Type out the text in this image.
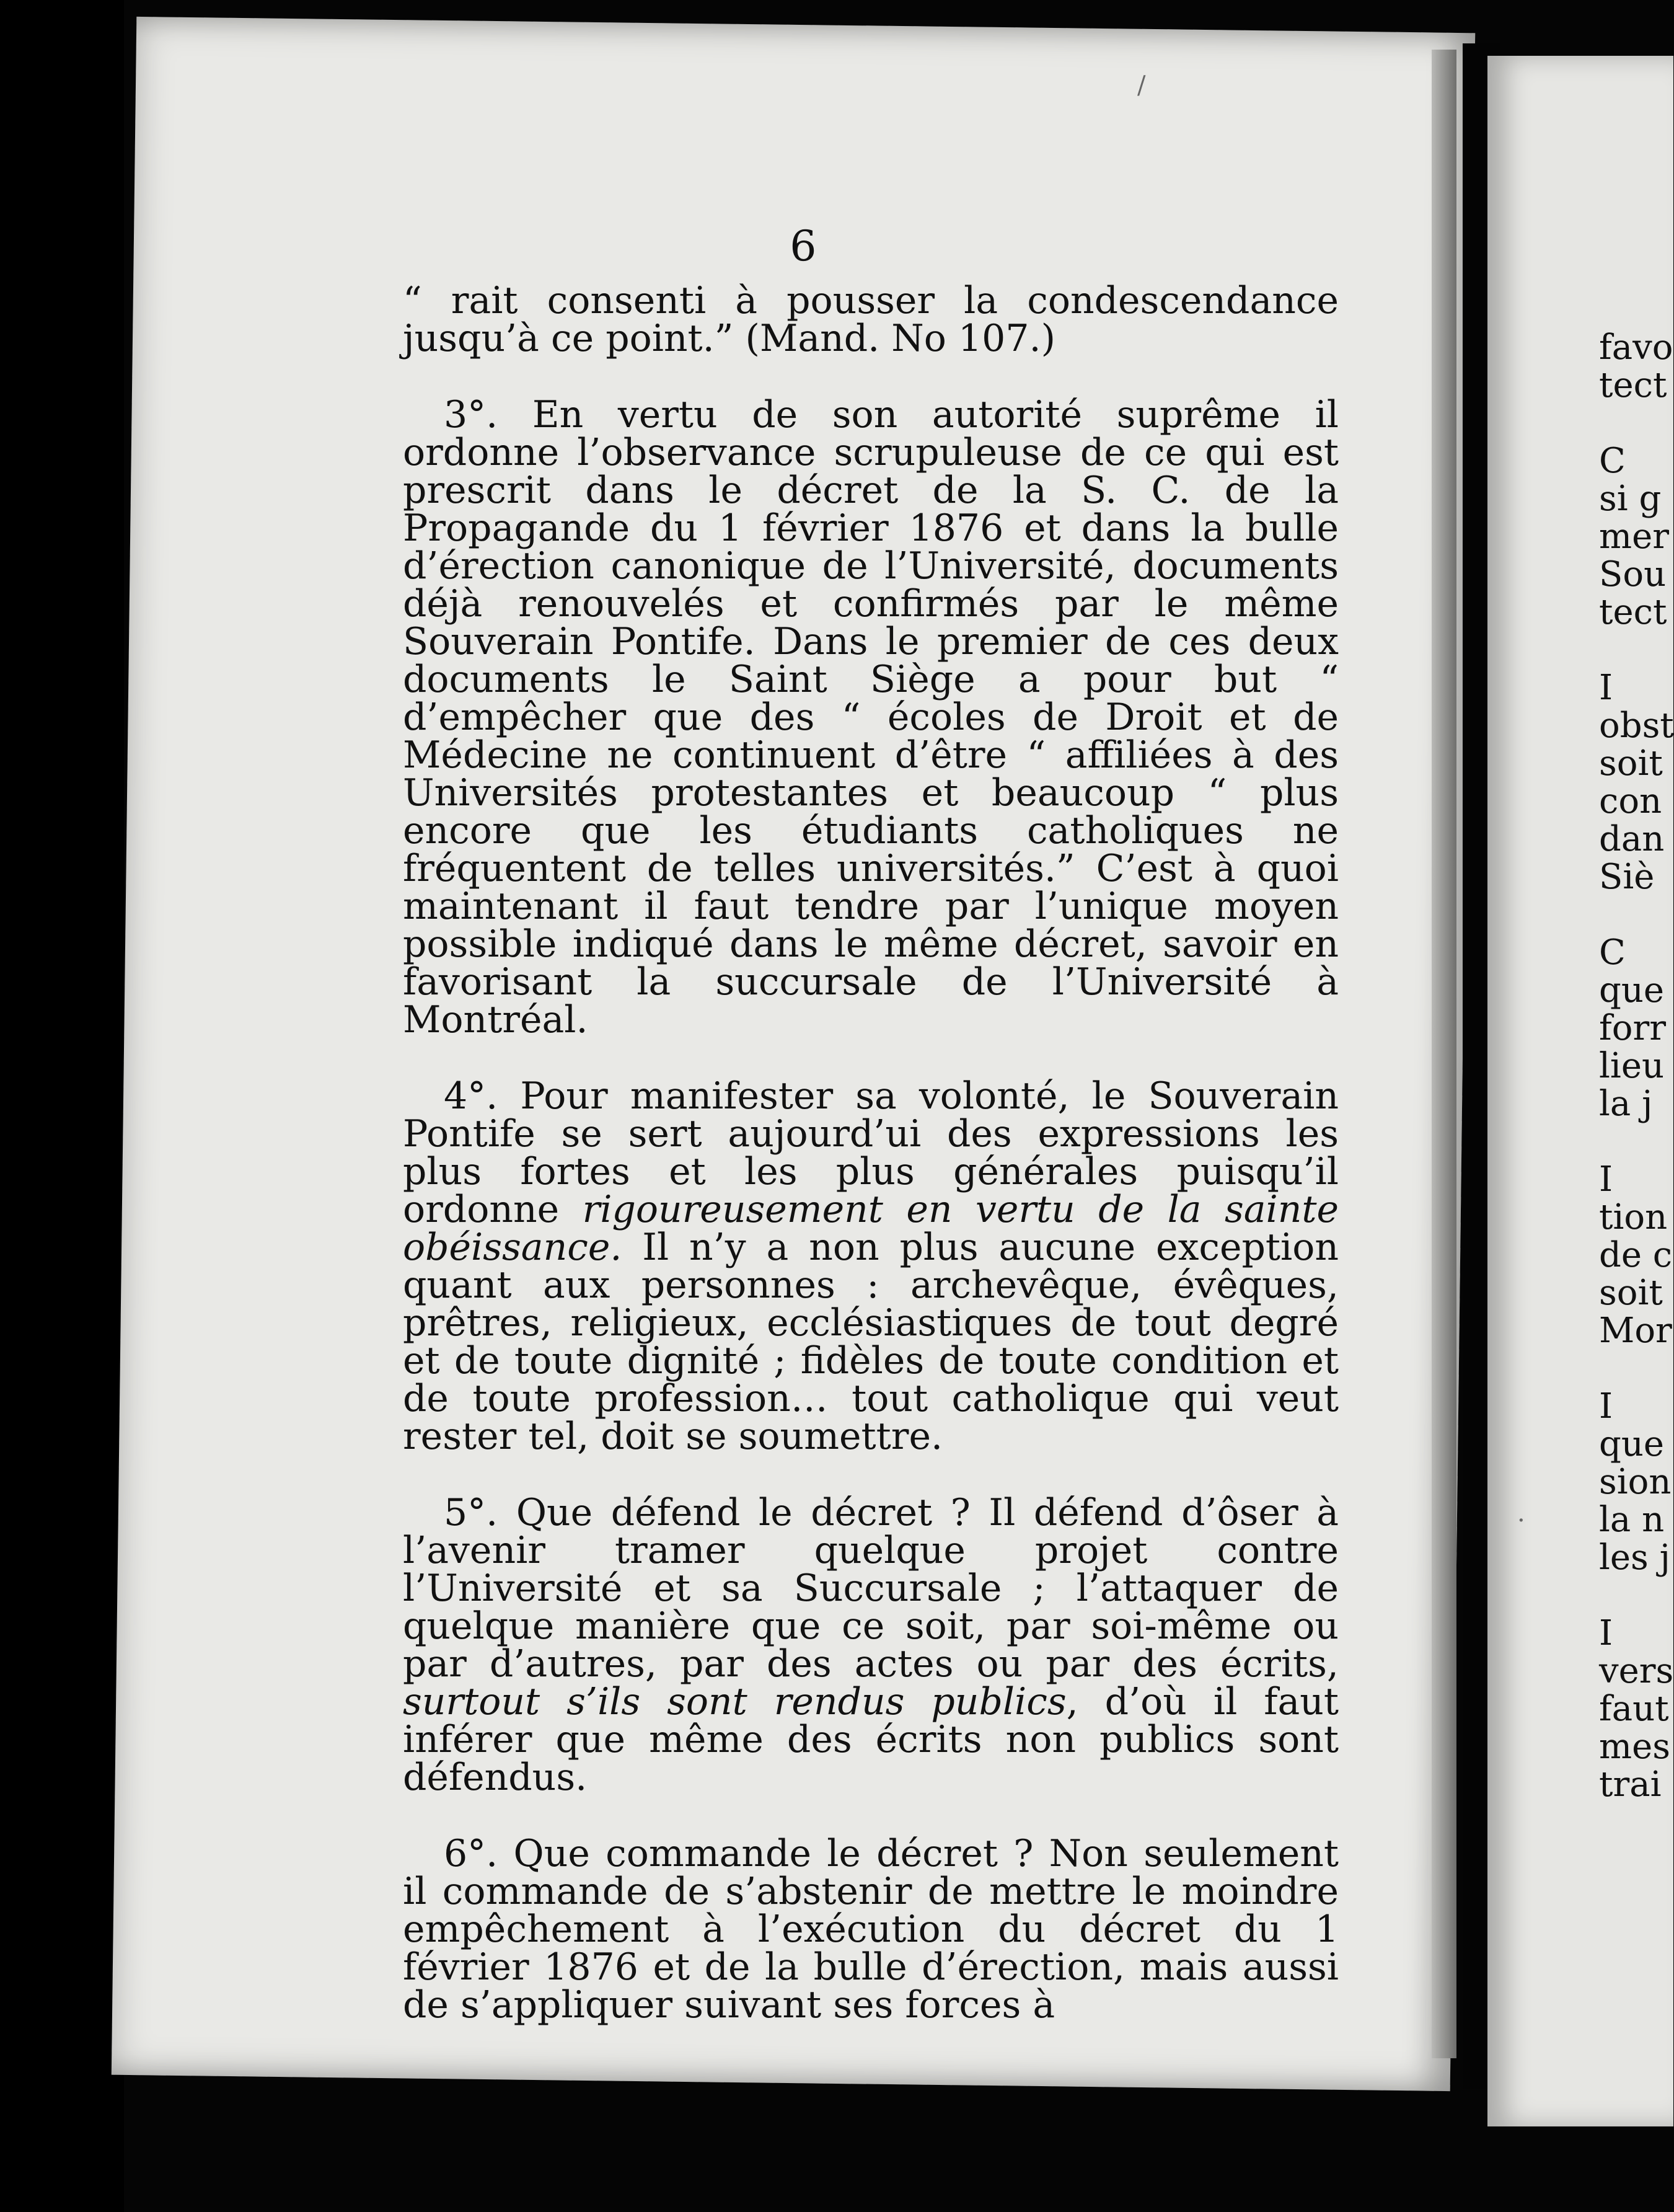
6

“ rait consenti à pousser la condescendance jusqu’à ce point.” (Mand. No 107.)

3°. En vertu de son autorité suprême il ordonne l’observance scrupuleuse de ce qui est prescrit dans le décret de la S. C. de la Propagande du 1 février 1876 et dans la bulle d’érection canonique de l’Université, documents déjà renouvelés et confirmés par le même Souverain Pontife. Dans le premier de ces deux documents le Saint Siège a pour but “ d’empêcher que des “ écoles de Droit et de Médecine ne continuent d’être “ affiliées à des Universités protestantes et beaucoup “ plus encore que les étudiants catholiques ne fréquentent de telles universités.” C’est à quoi maintenant il faut tendre par l’unique moyen possible indiqué dans le même décret, savoir en favorisant la succursale de l’Université à Montréal.

4°. Pour manifester sa volonté, le Souverain Pontife se sert aujourd’ui des expressions les plus fortes et les plus générales puisqu’il ordonne rigoureusement en vertu de la sainte obéissance. Il n’y a non plus aucune exception quant aux personnes : archevêque, évêques, prêtres, religieux, ecclésiastiques de tout degré et de toute dignité ; fidèles de toute condition et de toute profession… tout catholique qui veut rester tel, doit se soumettre.

5°. Que défend le décret ? Il défend d’ôser à l’avenir tramer quelque projet contre l’Université et sa Succursale ; l’attaquer de quelque manière que ce soit, par soi-même ou par d’autres, par des actes ou par des écrits, surtout s’ils sont rendus publics, d’où il faut inférer que même des écrits non publics sont défendus.

6°. Que commande le décret ? Non seulement il commande de s’abstenir de mettre le moindre empêchement à l’exécution du décret du 1 février 1876 et de la bulle d’érection, mais aussi de s’appliquer suivant ses forces à

favo
tect
C
si g
mer
Sou
tect
I
obst
soit
con
dan
Siè
C
que
forr
lieu
la j
I
tion
de c
soit
Mor
I
que
sion
la n
les j
I
vers
faut
mes
trai
/
·
